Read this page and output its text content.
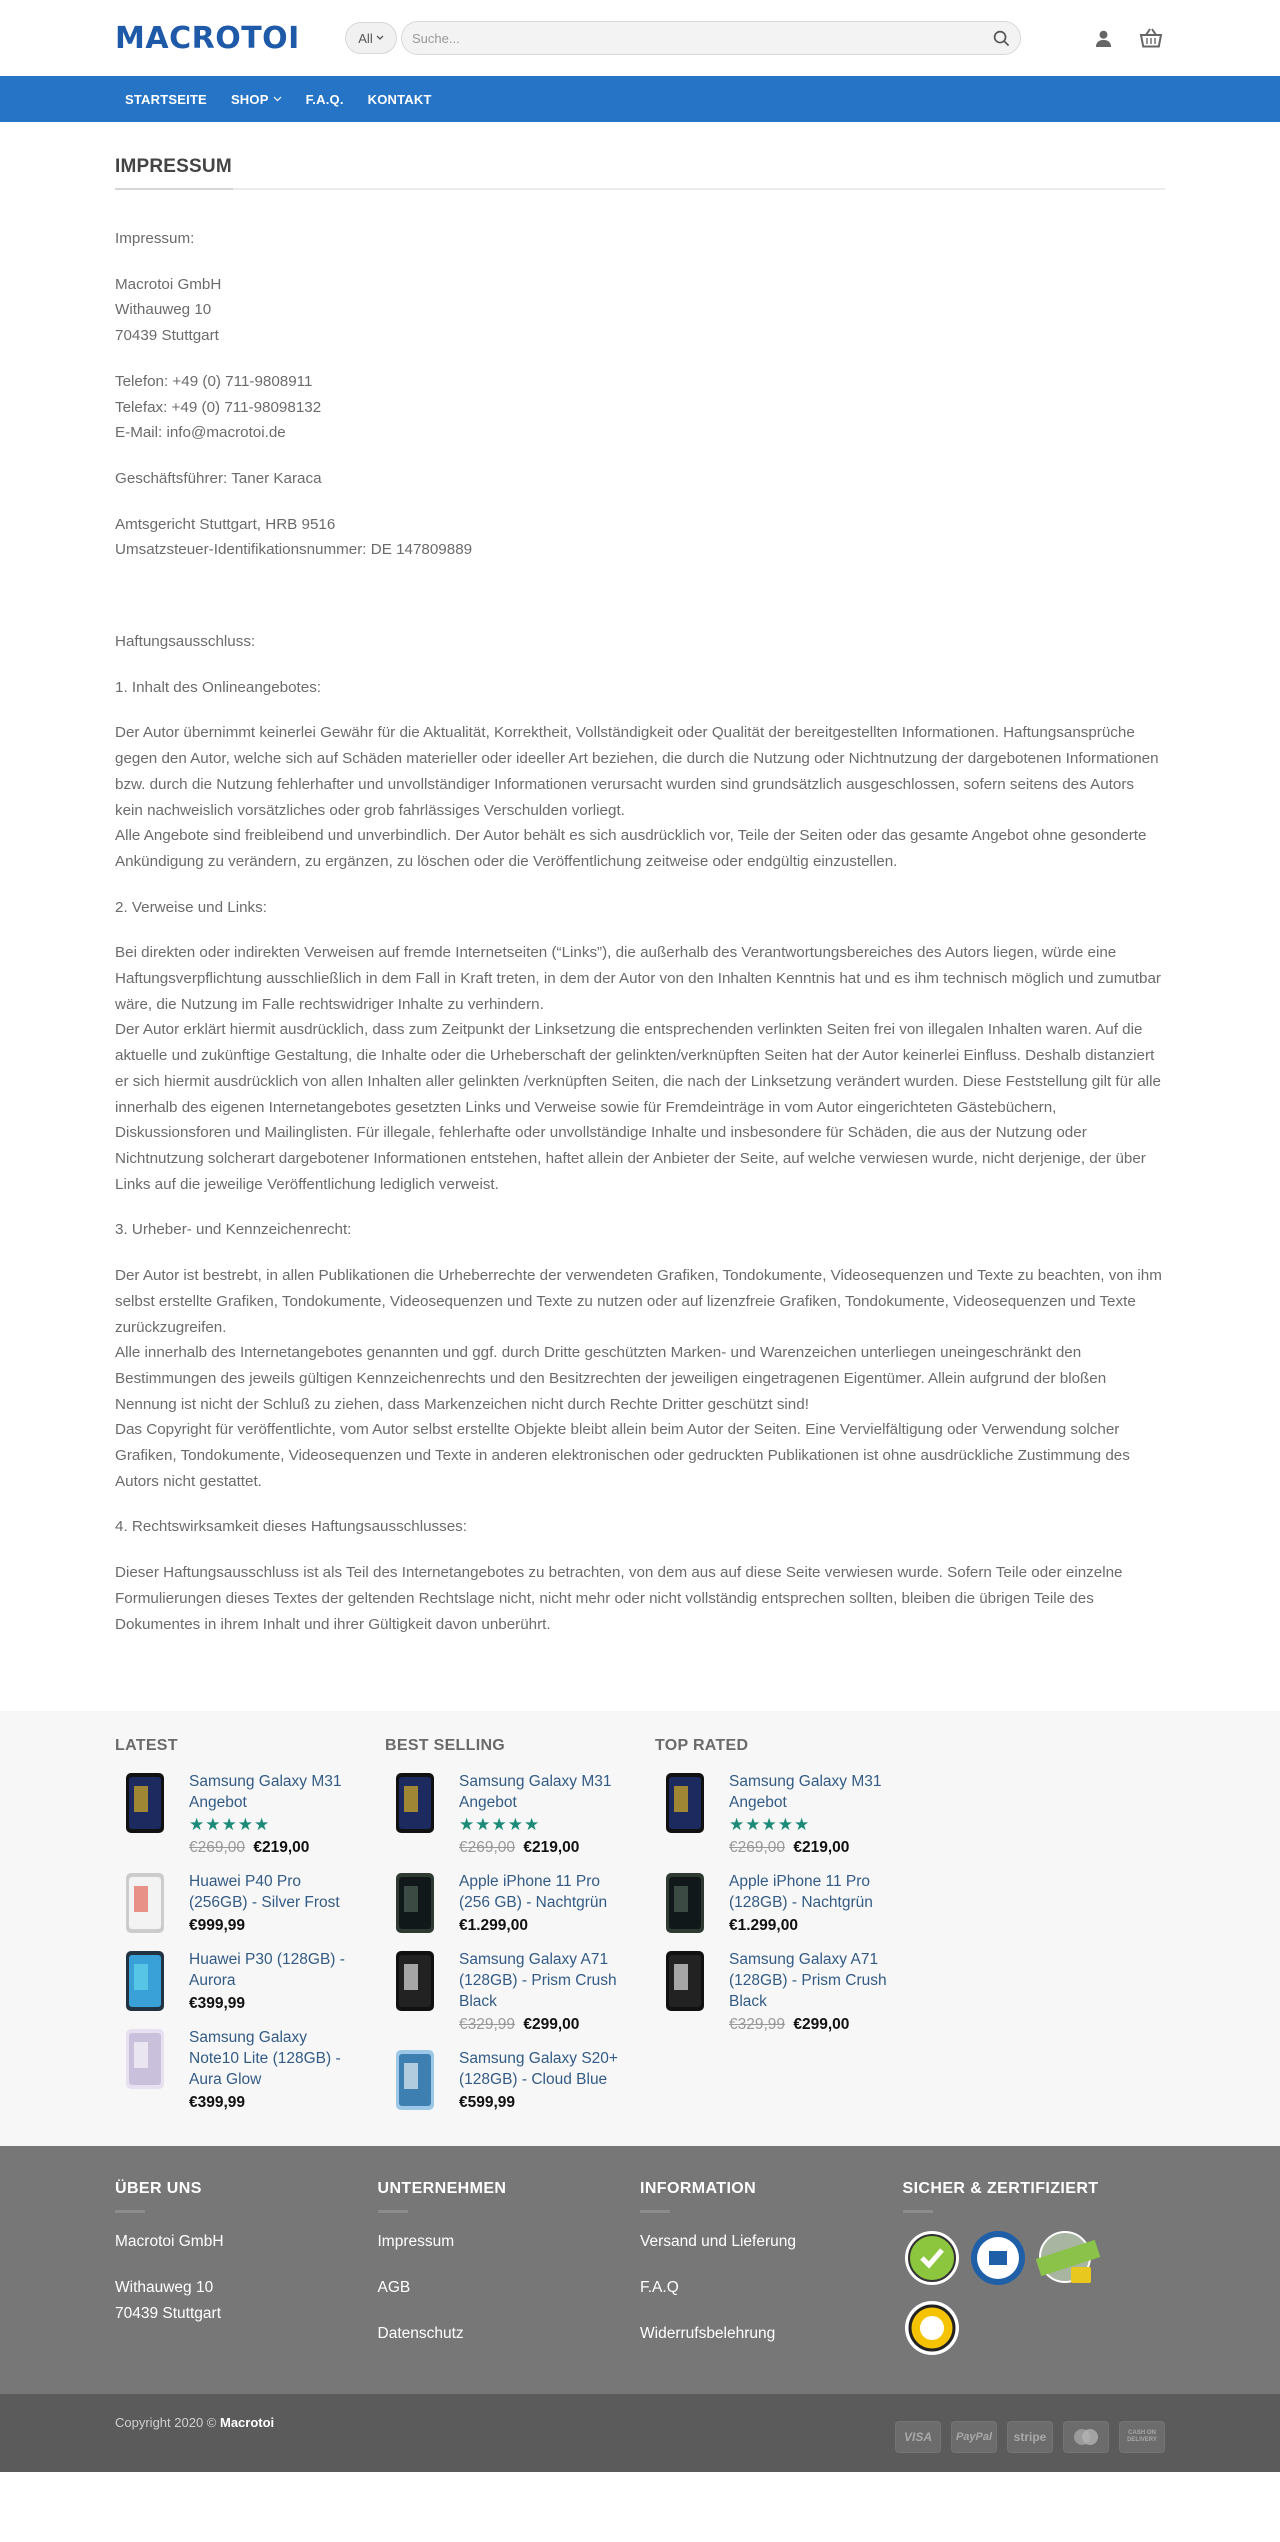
MACROTOI	All
Suche...
STARTSEITE SHOP	F.A.Q. KONTAKT
IMPRESSUM

Impressum:

Macrotoi GmbH
Withauweg 10
70439 Stuttgart

Telefon: +49 (0) 711-9808911
Telefax: +49 (0) 711-98098132
E-Mail: info@macrotoi.de

Geschäftsführer: Taner Karaca

Amtsgericht Stuttgart, HRB 9516
Umsatzsteuer-Identifikationsnummer: DE 147809889

Haftungsausschluss:

1. Inhalt des Onlineangebotes:

Der Autor übernimmt keinerlei Gewähr für die Aktualität, Korrektheit, Vollständigkeit oder Qualität der bereitgestellten Informationen. Haftungsansprüche gegen den Autor, welche sich auf Schäden materieller oder ideeller Art beziehen, die durch die Nutzung oder Nichtnutzung der dargebotenen Informationen bzw. durch die Nutzung fehlerhafter und unvollständiger Informationen verursacht wurden sind grundsätzlich ausgeschlossen, sofern seitens des Autors kein nachweislich vorsätzliches oder grob fahrlässiges Verschulden vorliegt.
Alle Angebote sind freibleibend und unverbindlich. Der Autor behält es sich ausdrücklich vor, Teile der Seiten oder das gesamte Angebot ohne gesonderte Ankündigung zu verändern, zu ergänzen, zu löschen oder die Veröffentlichung zeitweise oder endgültig einzustellen.

2. Verweise und Links:

Bei direkten oder indirekten Verweisen auf fremde Internetseiten (“Links”), die außerhalb des Verantwortungsbereiches des Autors liegen, würde eine Haftungsverpflichtung ausschließlich in dem Fall in Kraft treten, in dem der Autor von den Inhalten Kenntnis hat und es ihm technisch möglich und zumutbar wäre, die Nutzung im Falle rechtswidriger Inhalte zu verhindern.
Der Autor erklärt hiermit ausdrücklich, dass zum Zeitpunkt der Linksetzung die entsprechenden verlinkten Seiten frei von illegalen Inhalten waren. Auf die aktuelle und zukünftige Gestaltung, die Inhalte oder die Urheberschaft der gelinkten/verknüpften Seiten hat der Autor keinerlei Einfluss. Deshalb distanziert er sich hiermit ausdrücklich von allen Inhalten aller gelinkten /verknüpften Seiten, die nach der Linksetzung verändert wurden. Diese Feststellung gilt für alle innerhalb des eigenen Internetangebotes gesetzten Links und Verweise sowie für Fremdeinträge in vom Autor eingerichteten Gästebüchern, Diskussionsforen und Mailinglisten. Für illegale, fehlerhafte oder unvollständige Inhalte und insbesondere für Schäden, die aus der Nutzung oder Nichtnutzung solcherart dargebotener Informationen entstehen, haftet allein der Anbieter der Seite, auf welche verwiesen wurde, nicht derjenige, der über Links auf die jeweilige Veröffentlichung lediglich verweist.

3. Urheber- und Kennzeichenrecht:

Der Autor ist bestrebt, in allen Publikationen die Urheberrechte der verwendeten Grafiken, Tondokumente, Videosequenzen und Texte zu beachten, von ihm selbst erstellte Grafiken, Tondokumente, Videosequenzen und Texte zu nutzen oder auf lizenzfreie Grafiken, Tondokumente, Videosequenzen und Texte zurückzugreifen.
Alle innerhalb des Internetangebotes genannten und ggf. durch Dritte geschützten Marken- und Warenzeichen unterliegen uneingeschränkt den Bestimmungen des jeweils gültigen Kennzeichenrechts und den Besitzrechten der jeweiligen eingetragenen Eigentümer. Allein aufgrund der bloßen Nennung ist nicht der Schluß zu ziehen, dass Markenzeichen nicht durch Rechte Dritter geschützt sind!
Das Copyright für veröffentlichte, vom Autor selbst erstellte Objekte bleibt allein beim Autor der Seiten. Eine Vervielfältigung oder Verwendung solcher Grafiken, Tondokumente, Videosequenzen und Texte in anderen elektronischen oder gedruckten Publikationen ist ohne ausdrückliche Zustimmung des Autors nicht gestattet.

4. Rechtswirksamkeit dieses Haftungsausschlusses:

Dieser Haftungsausschluss ist als Teil des Internetangebotes zu betrachten, von dem aus auf diese Seite verwiesen wurde. Sofern Teile oder einzelne Formulierungen dieses Textes der geltenden Rechtslage nicht, nicht mehr oder nicht vollständig entsprechen sollten, bleiben die übrigen Teile des Dokumentes in ihrem Inhalt und ihrer Gültigkeit davon unberührt.

LATEST
Samsung Galaxy M31 Angebot
★★★★★
€269,00 €219,00
Huawei P40 Pro (256GB) - Silver Frost
€999,99
Huawei P30 (128GB) - Aurora
€399,99
Samsung Galaxy Note10 Lite (128GB) - Aura Glow
€399,99
BEST SELLING
Samsung Galaxy M31 Angebot
★★★★★
€269,00 €219,00
Apple iPhone 11 Pro (256 GB) - Nachtgrün
€1.299,00
Samsung Galaxy A71 (128GB) - Prism Crush Black
€329,99 €299,00
Samsung Galaxy S20+ (128GB) - Cloud Blue
€599,99
TOP RATED
Samsung Galaxy M31 Angebot
★★★★★
€269,00 €219,00
Apple iPhone 11 Pro (128GB) - Nachtgrün
€1.299,00
Samsung Galaxy A71 (128GB) - Prism Crush Black
€329,99 €299,00
ÜBER UNS
Macrotoi GmbH
Withauweg 10
70439 Stuttgart
UNTERNEHMEN
Impressum
AGB
Datenschutz
INFORMATION
Versand und Lieferung
F.A.Q
Widerrufsbelehrung
SICHER & ZERTIFIZIERT
Copyright 2020 © Macrotoi
VISA	PayPal	stripe	CASH ON DELIVERY
